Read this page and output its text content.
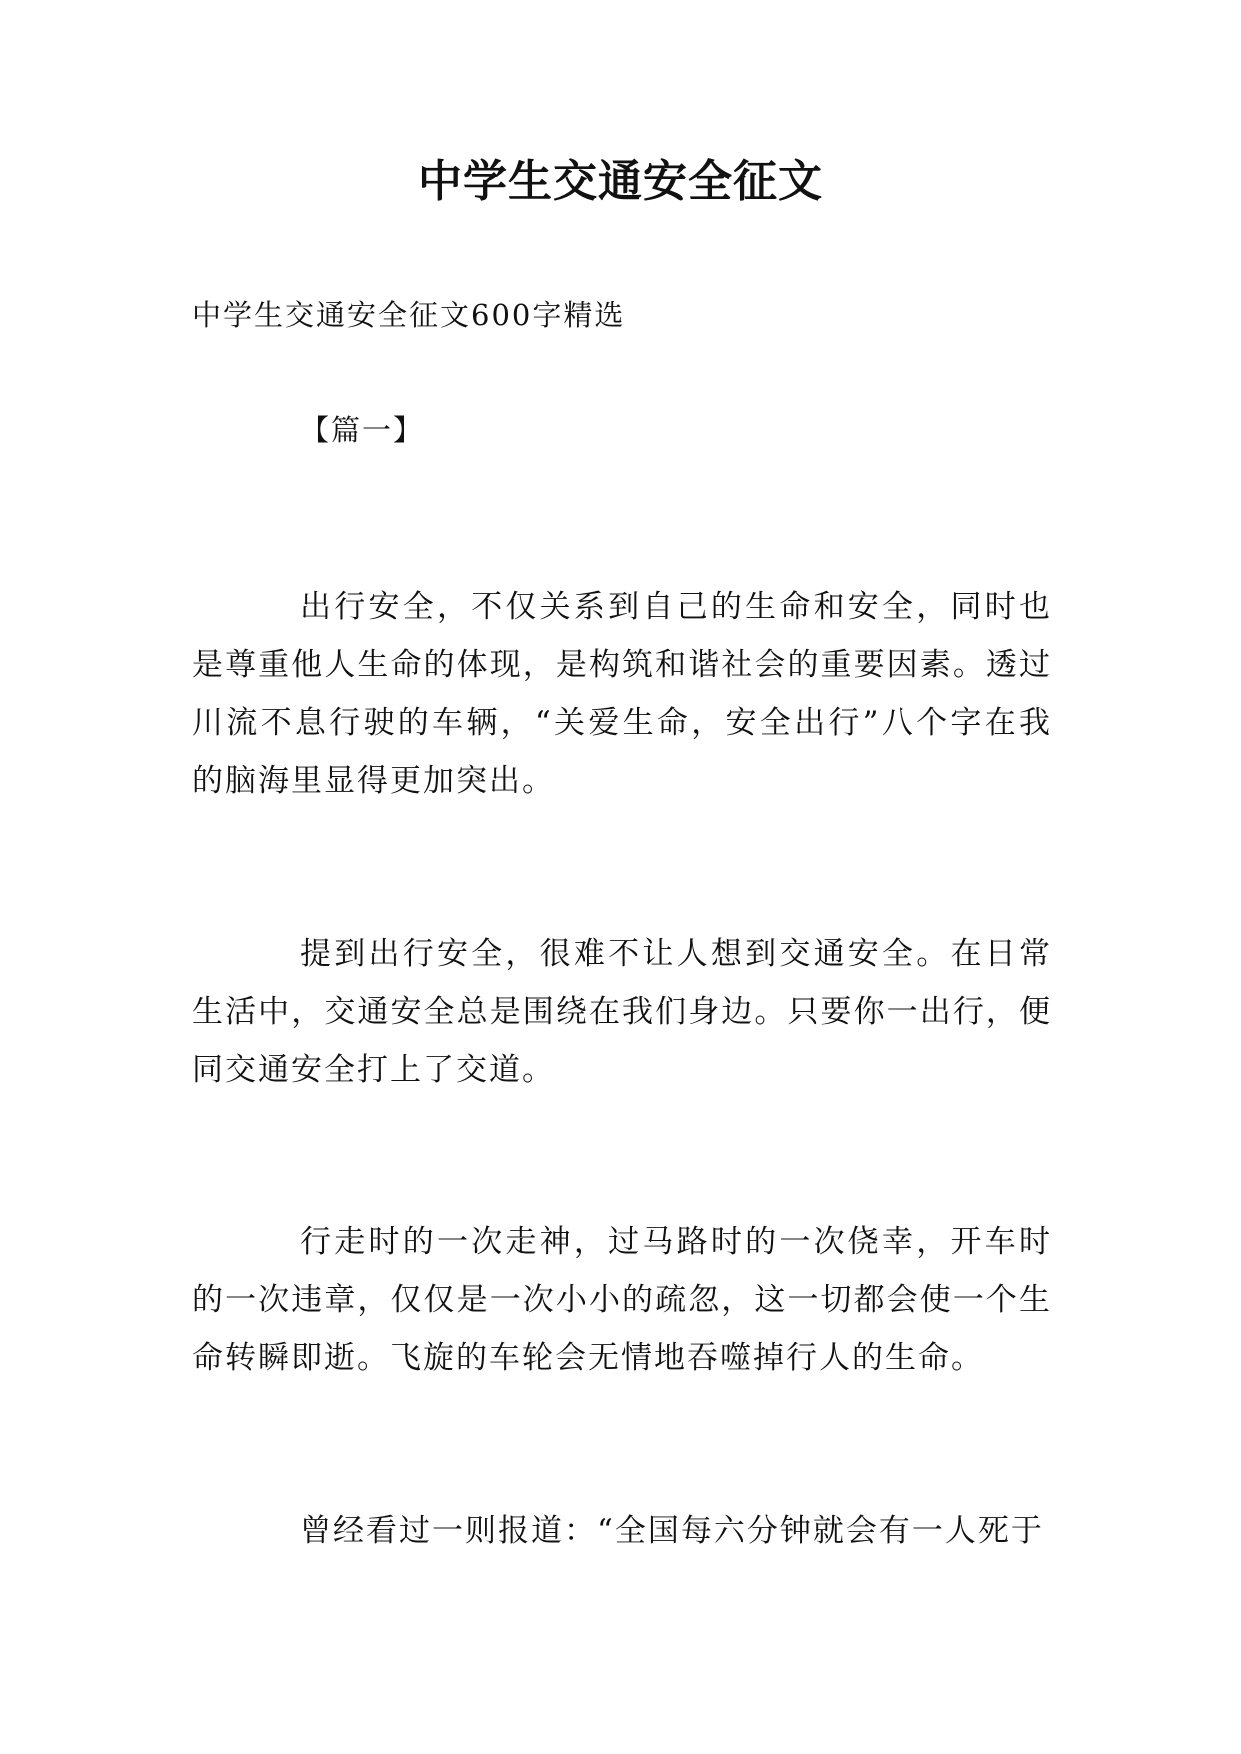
中学生交通安全征文

中学生交通安全征文600字精选

【篇一】

出行安全，不仅关系到自己的生命和安全，同时也是尊重他人生命的体现，是构筑和谐社会的重要因素。透过川流不息行驶的车辆，“关爱生命，安全出行”八个字在我的脑海里显得更加突出。

提到出行安全，很难不让人想到交通安全。在日常生活中，交通安全总是围绕在我们身边。只要你一出行，便同交通安全打上了交道。

行走时的一次走神，过马路时的一次侥幸，开车时的一次违章，仅仅是一次小小的疏忽，这一切都会使一个生命转瞬即逝。飞旋的车轮会无情地吞噬掉行人的生命。

曾经看过一则报道：“全国每六分钟就会有一人死于
